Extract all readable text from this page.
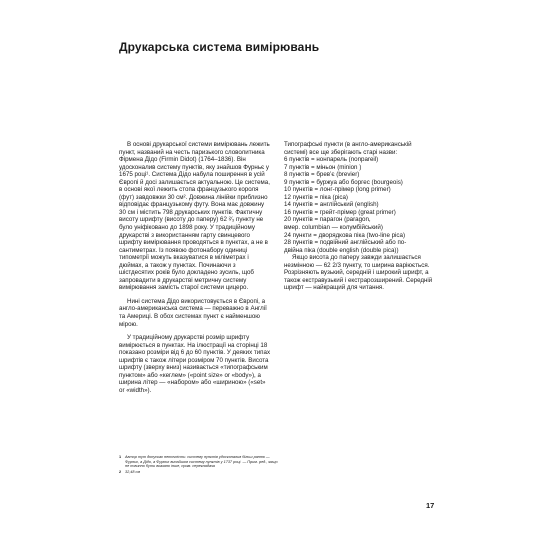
Друкарська система вимірювань

В основі друкарської системи вимірювань лежить пункт, названий на честь паризького словолитника Фірмена Дідо (Firmin Didot) (1764–1836). Він удосконалив систему пунктів, яку знайшов Фурньє у 1675 році¹. Система Дідо набула поширення в усій Європі й досі залишається актуальною. Це система, в основі якої лежить стопа французького короля (фут) завдовжки 30 см². Довжина лінійки приблизно відповідає французькому футу. Вона має довжину 30 см і містить 798 друкарських пунктів. Фактичну висоту шрифту (висоту до паперу) 62 ²⁄₃ пункту не було уніфіковано до 1898 року. У традиційному друкарстві з використанням гарту свинцевого шрифту вимірювання проводяться в пунктах, а не в сантиметрах. Із появою фотонабору одиниці типометрії можуть вказуватися в міліметрах і дюймах, а також у пунктах. Починаючи з шістдесятих років було докладено зусиль, щоб запровадити в друкарстві метричну систему вимірювання замість старої системи цицеро.

Нині система Дідо використовується в Європі, а англо-американська система — переважно в Англії та Америці. В обох системах пункт є найменшою мірою.

У традиційному друкарстві розмір шрифту вимірюється в пунктах. На ілюстрації на сторінці 18 показано розміри від 6 до 60 пунктів. У деяких типах шрифтів є також літери розміром 70 пунктів. Висота шрифту (зверху вниз) називається «типографським пунктом» або «кеглем» («point size» or «body»), а ширина літер — «набором» або «шириною» («set» or «width»).

Типографські пункти (в англо-американській системі) все ще зберігають старі назви:

6 пунктів = нонпарель (nonpareil)
7 пунктів = міньон (minion )
8 пунктів = бревʼє (brevier)
9 пунктів = буржуа або боргес (bourgeois)
10 пунктів = лонг-прімер (long primer)
12 пунктів = піка (pica)
14 пунктів = англійський (english)
16 пунктів = грейт-прімер (great primer)
20 пунктів = парагон (paragon,
вмер. columbian — колумбійський)
24 пункти = дворядкова піка (two-line pica)
28 пунктів = подвійний англійський або по-
двійна піка (double english (double pica))

Якщо висота до паперу завжди залишається незмінною — 62 2/3 пункту, то ширина варіюється. Розрізняють вузький, середній і широкий шрифт, а також екстравузький і екстрарозширений. Середній шрифт — найкращий для читання.

1	Автор тут допускає неточність: систему пунктів удосконалив більш ранню — Фурньє, а Дідо, а Фурньє винайшов систему пунктів у 1737 році. — Прим. ред., якщо не повинно бути вказано інше, прим. перекладача
2	32,48 см
17
